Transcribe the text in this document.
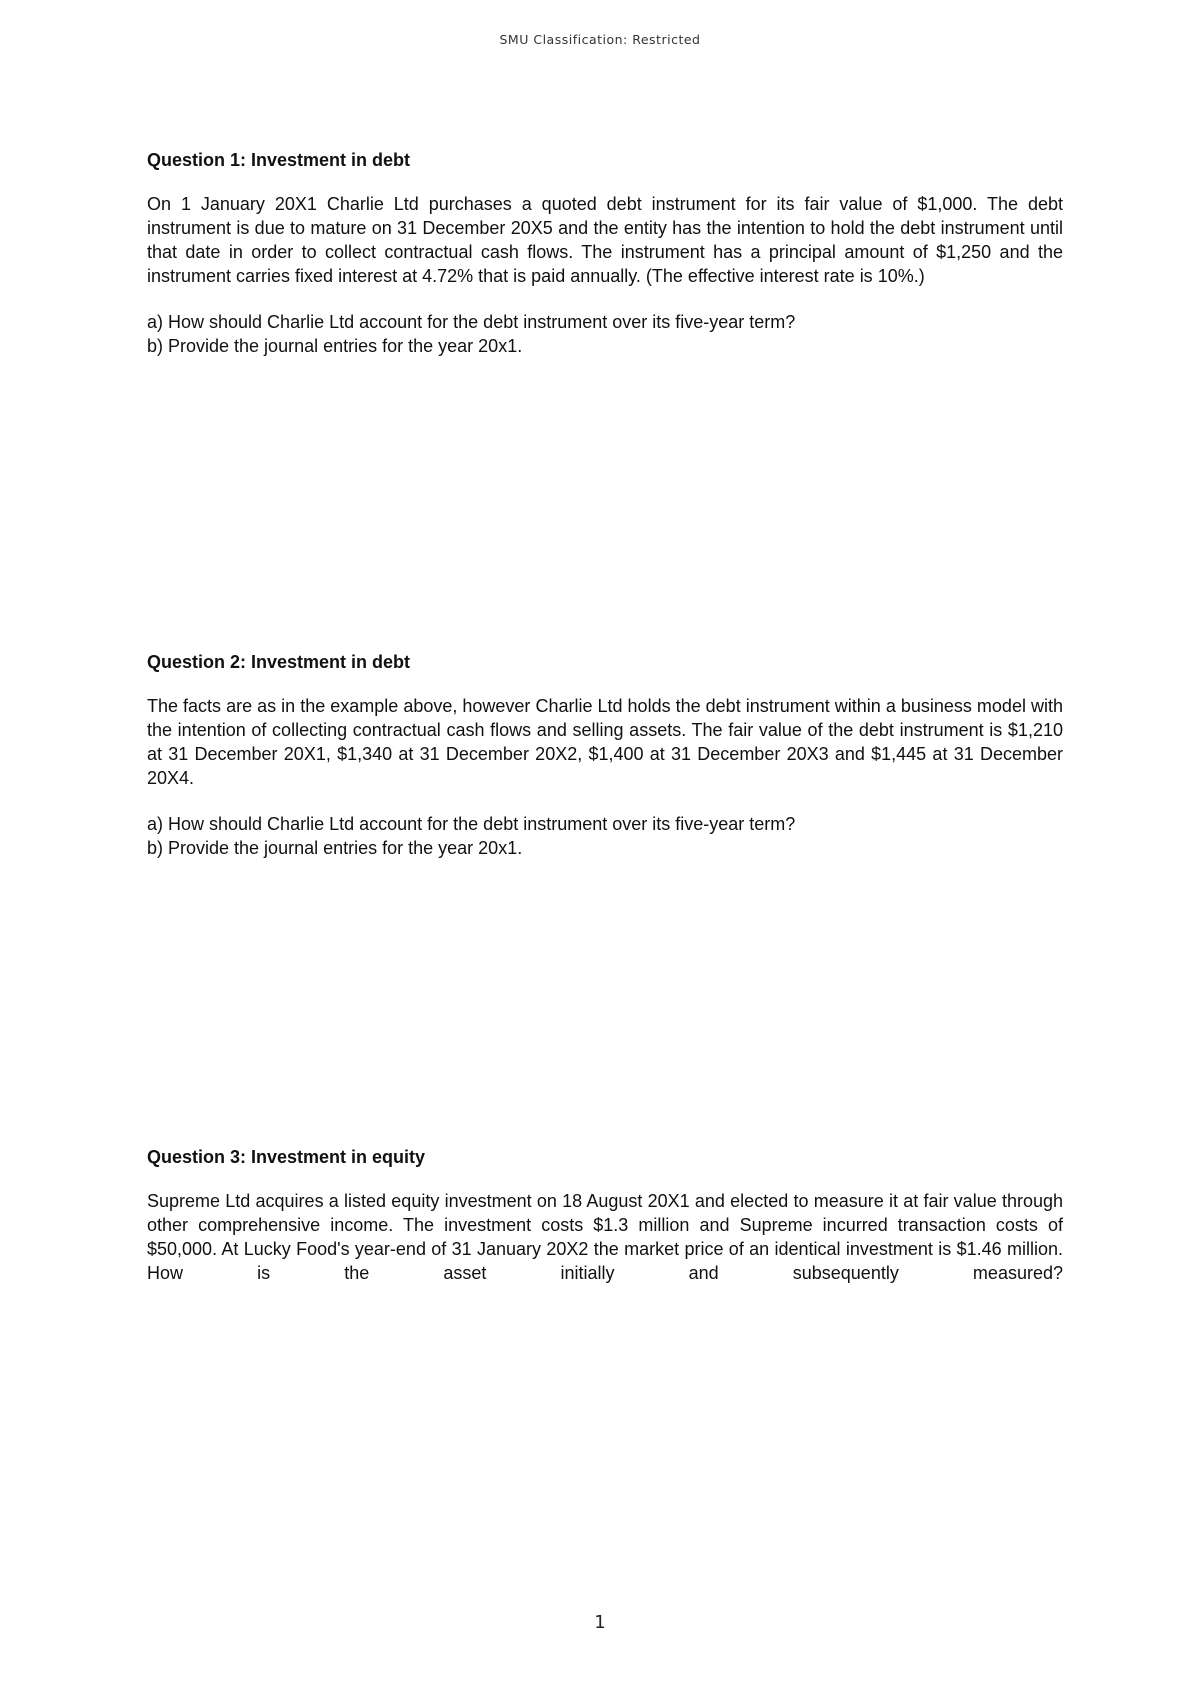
SMU Classification: Restricted
Question 1: Investment in debt

On 1 January 20X1 Charlie Ltd purchases a quoted debt instrument for its fair value of $1,000. The debt instrument is due to mature on 31 December 20X5 and the entity has the intention to hold the debt instrument until that date in order to collect contractual cash flows. The instrument has a principal amount of $1,250 and the instrument carries fixed interest at 4.72% that is paid annually. (The effective interest rate is 10%.)

a) How should Charlie Ltd account for the debt instrument over its five-year term?
b) Provide the journal entries for the year 20x1.
Question 2: Investment in debt

The facts are as in the example above, however Charlie Ltd holds the debt instrument within a business model with the intention of collecting contractual cash flows and selling assets. The fair value of the debt instrument is $1,210 at 31 December 20X1, $1,340 at 31 December 20X2, $1,400 at 31 December 20X3 and $1,445 at 31 December 20X4.

a) How should Charlie Ltd account for the debt instrument over its five-year term?
b) Provide the journal entries for the year 20x1.
Question 3: Investment in equity

Supreme Ltd acquires a listed equity investment on 18 August 20X1 and elected to measure it at fair value through other comprehensive income. The investment costs $1.3 million and Supreme incurred transaction costs of $50,000. At Lucky Food's year-end of 31 January 20X2 the market price of an identical investment is $1.46 million. How is the asset initially and subsequently measured?

1
